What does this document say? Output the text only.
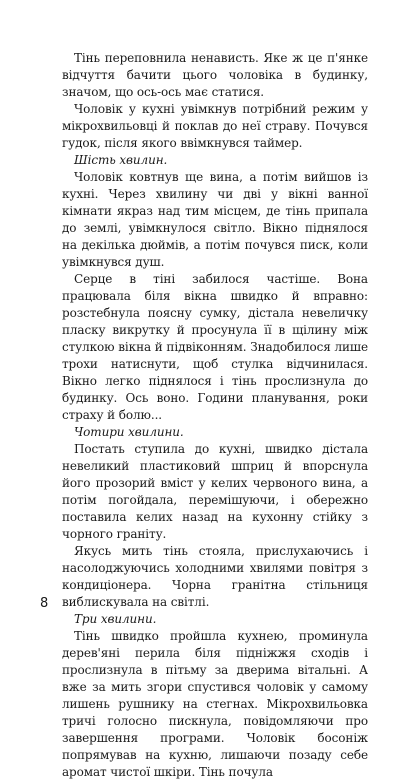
Тінь переповнила ненависть. Яке ж це п'янке відчуття бачити цього чоловіка в будинку, значом, що ось-ось має статися.

Чоловік у кухні увімкнув потрібний режим у мікрохвильовці й поклав до неї страву. Почувся гудок, після якого ввімкнувся таймер.

Шість хвилин.

Чоловік ковтнув ще вина, а потім вийшов із кухні. Через хвилину чи дві у вікні ванної кімнати якраз над тим місцем, де тінь припала до землі, увімкнулося світло. Вікно піднялося на декілька дюймів, а потім почувся писк, коли увімкнувся душ.

Серце в тіні забилося частіше. Вона працювала біля вікна швидко й вправно: розстебнула поясну сумку, дістала невеличку пласку викрутку й просунула її в щілину між стулкою вікна й підвіконням. Знадобилося лише трохи натиснути, щоб стулка відчинилася. Вікно легко піднялося і тінь прослизнула до будинку. Ось воно. Години планування, роки страху й болю...

Чотири хвилини.

Постать ступила до кухні, швидко дістала невеликий пластиковий шприц й впорснула його прозорий вміст у келих червоного вина, а потім погойдала, перемішуючи, і обережно поставила келих назад на кухонну стійку з чорного граніту.

Якусь мить тінь стояла, прислухаючись і насолоджуючись холодними хвилями повітря з кондиціонера. Чорна гранітна стільниця виблискувала на світлі.

Три хвилини.

Тінь швидко пройшла кухнею, проминула дерев'яні перила біля підніжжя сходів і прослизнула в пітьму за дверима вітальні. А вже за мить згори спустився чоловік у самому лишень рушнику на стегнах. Мікрохвильовка тричі голосно пискнула, повідомляючи про завершення програми. Чоловік босоніж попрямував на кухню, лишаючи позаду себе аромат чистої шкіри. Тінь почула

8
